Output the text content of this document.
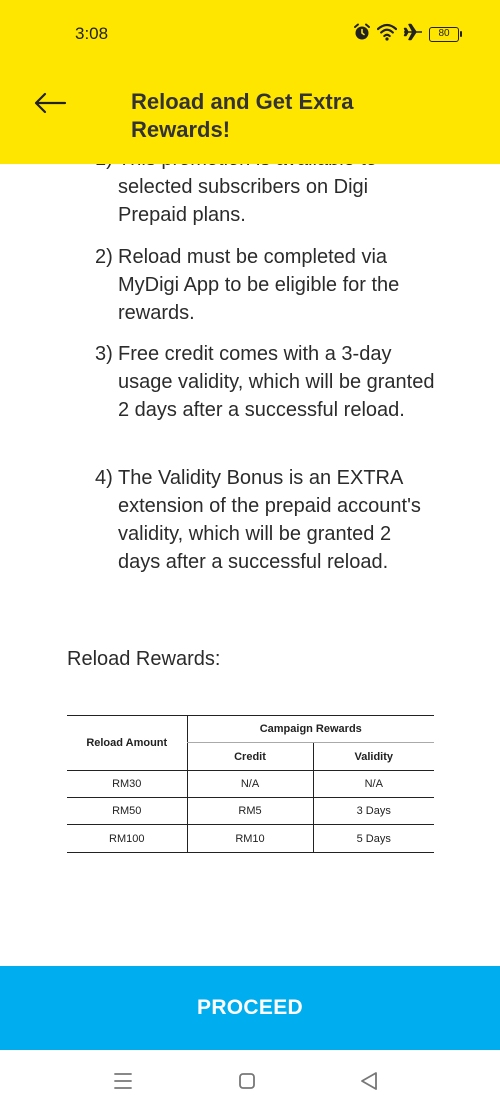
selected subscribers on Digi Prepaid plans.
2) Reload must be completed via MyDigi App to be eligible for the rewards.
3) Free credit comes with a 3-day usage validity, which will be granted 2 days after a successful reload.
4) The Validity Bonus is an EXTRA extension of the prepaid account's validity, which will be granted 2 days after a successful reload.
Reload Rewards:
Reload Amount	Campaign Rewards	
	Credit	Validity
RM30	N/A	N/A
RM50	RM5	3 Days
RM100	RM10	5 Days
3:08	80
Reload and Get Extra Rewards!
PROCEED
